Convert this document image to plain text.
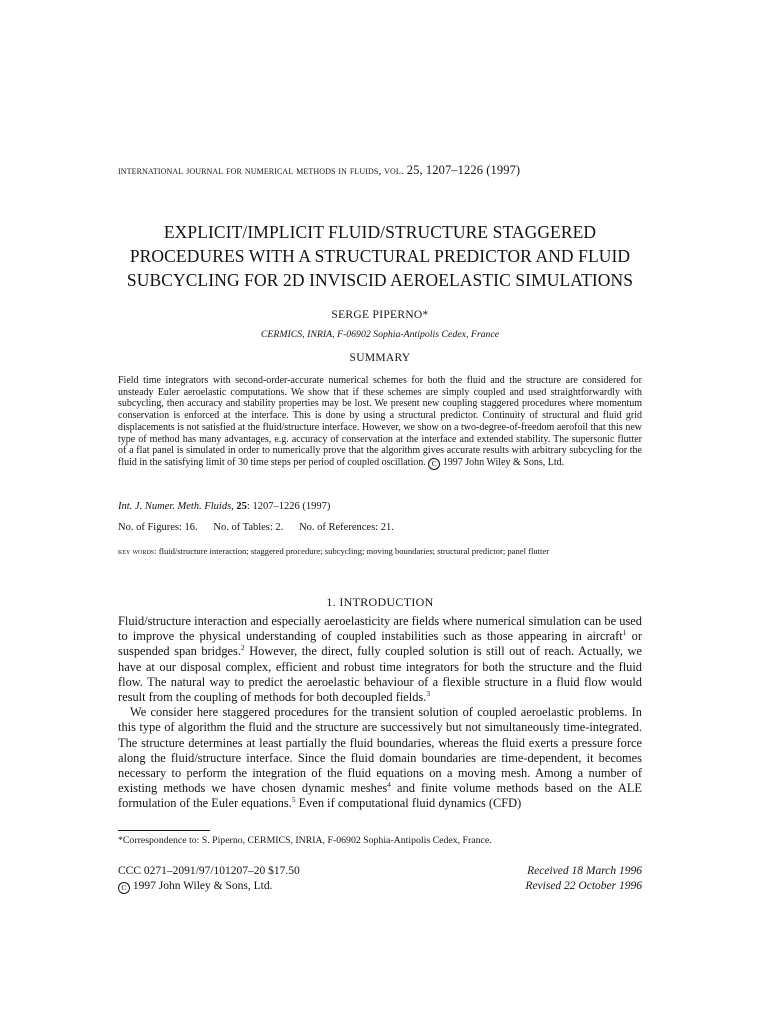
international journal for numerical methods in fluids, vol. 25, 1207–1226 (1997)
EXPLICIT/IMPLICIT FLUID/STRUCTURE STAGGERED
PROCEDURES WITH A STRUCTURAL PREDICTOR AND FLUID
SUBCYCLING FOR 2D INVISCID AEROELASTIC SIMULATIONS
SERGE PIPERNO*
CERMICS, INRIA, F-06902 Sophia-Antipolis Cedex, France
SUMMARY

Field time integrators with second-order-accurate numerical schemes for both the fluid and the structure are considered for unsteady Euler aeroelastic computations. We show that if these schemes are simply coupled and used straightforwardly with subcycling, then accuracy and stability properties may be lost. We present new coupling staggered procedures where momentum conservation is enforced at the interface. This is done by using a structural predictor. Continuity of structural and fluid grid displacements is not satisfied at the fluid/structure interface. However, we show on a two-degree-of-freedom aerofoil that this new type of method has many advantages, e.g. accuracy of conservation at the interface and extended stability. The supersonic flutter of a flat panel is simulated in order to numerically prove that the algorithm gives accurate results with arbitrary subcycling for the fluid in the satisfying limit of 30 time steps per period of coupled oscillation. C 1997 John Wiley & Sons, Ltd.

Int. J. Numer. Meth. Fluids, 25: 1207–1226 (1997)
No. of Figures: 16. No. of Tables: 2. No. of References: 21.
key words: fluid/structure interaction; staggered procedure; subcycling; moving boundaries; structural predictor; panel flutter
1. INTRODUCTION

Fluid/structure interaction and especially aeroelasticity are fields where numerical simulation can be used to improve the physical understanding of coupled instabilities such as those appearing in aircraft$^1$ or suspended span bridges.$^2$ However, the direct, fully coupled solution is still out of reach. Actually, we have at our disposal complex, efficient and robust time integrators for both the structure and the fluid flow. The natural way to predict the aeroelastic behaviour of a flexible structure in a fluid flow would result from the coupling of methods for both decoupled fields.$^3$

We consider here staggered procedures for the transient solution of coupled aeroelastic problems. In this type of algorithm the fluid and the structure are successively but not simultaneously time-integrated. The structure determines at least partially the fluid boundaries, whereas the fluid exerts a pressure force along the fluid/structure interface. Since the fluid domain boundaries are time-dependent, it becomes necessary to perform the integration of the fluid equations on a moving mesh. Among a number of existing methods we have chosen dynamic meshes$^4$ and finite volume methods based on the ALE formulation of the Euler equations.$^5$ Even if computational fluid dynamics (CFD)

*Correspondence to: S. Piperno, CERMICS, INRIA, F-06902 Sophia-Antipolis Cedex, France.
CCC 0271–2091/97/101207–20 $17.50
C 1997 John Wiley & Sons, Ltd.
Received 18 March 1996
Revised 22 October 1996
